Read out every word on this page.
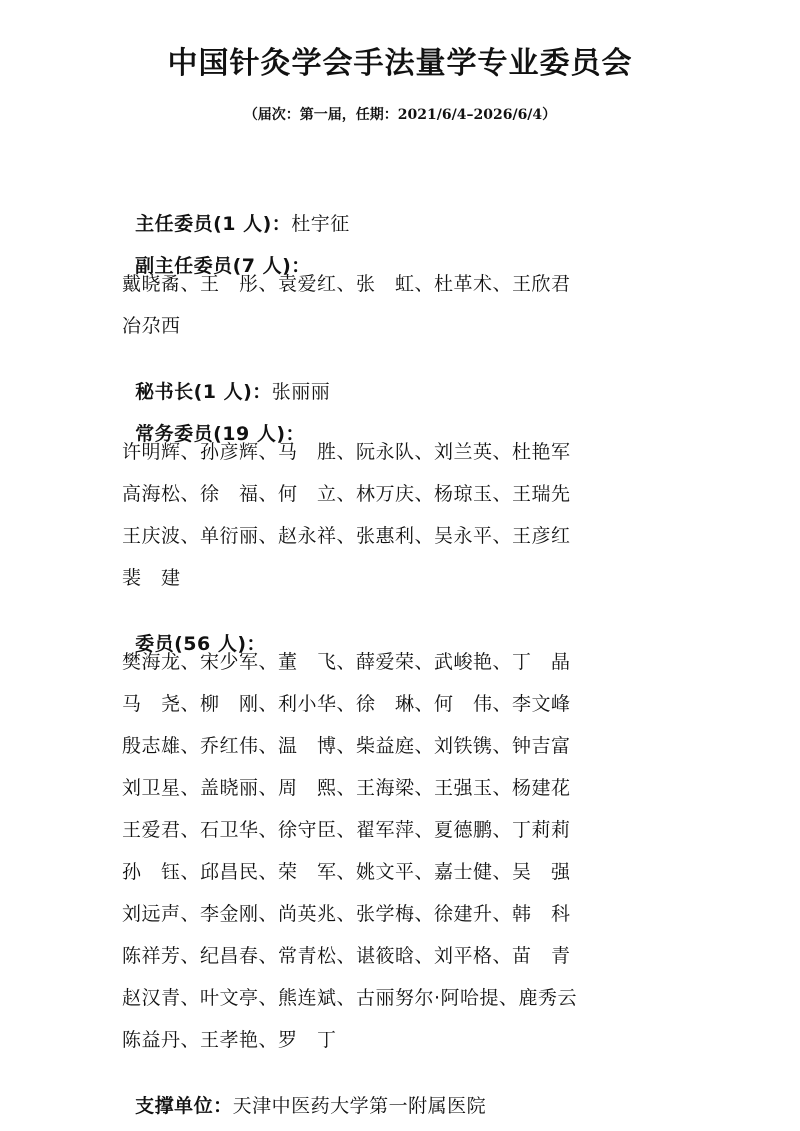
中国针灸学会手法量学专业委员会
（届次：第一届，任期：2021/6/4–2026/6/4）

主任委员(1 人)：杜宇征

副主任委员(7 人)：

戴晓矞、王　彤、袁爱红、张　虹、杜革术、王欣君
冶尕西

秘书长(1 人)：张丽丽

常务委员(19 人)：

许明辉、孙彦辉、马　胜、阮永队、刘兰英、杜艳军
高海松、徐　福、何　立、林万庆、杨琼玉、王瑞先
王庆波、单衍丽、赵永祥、张惠利、吴永平、王彦红
裴　建

委员(56 人)：

樊海龙、宋少军、董　飞、薛爱荣、武峻艳、丁　晶
马　尧、柳　刚、利小华、徐　琳、何　伟、李文峰
殷志雄、乔红伟、温　博、柴益庭、刘铁镌、钟吉富
刘卫星、盖晓丽、周　熙、王海梁、王强玉、杨建花
王爱君、石卫华、徐守臣、翟军萍、夏德鹏、丁莉莉
孙　钰、邱昌民、荣　军、姚文平、嘉士健、吴　强
刘远声、李金刚、尚英兆、张学梅、徐建升、韩　科
陈祥芳、纪昌春、常青松、谌筱晗、刘平格、苗　青
赵汉青、叶文亭、熊连斌、古丽努尔·阿哈提、鹿秀云
陈益丹、王孝艳、罗　丁

支撑单位：天津中医药大学第一附属医院
